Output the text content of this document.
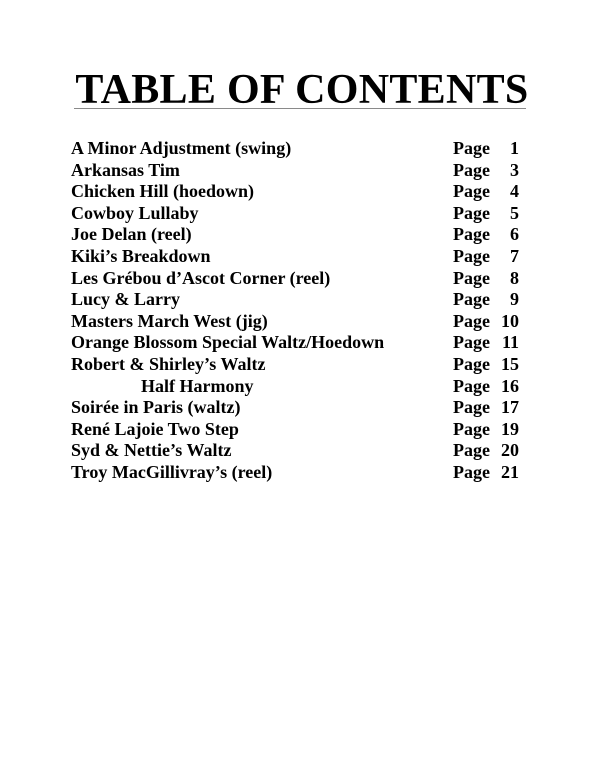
TABLE OF CONTENTS
A Minor Adjustment (swing)	Page	1
Arkansas Tim	Page	3
Chicken Hill (hoedown)	Page	4
Cowboy Lullaby	Page	5
Joe Delan (reel)	Page	6
Kiki’s Breakdown	Page	7
Les Grébou d’Ascot Corner (reel)	Page	8
Lucy & Larry	Page	9
Masters March West (jig)	Page 10
Orange Blossom Special Waltz/Hoedown	Page 11
Robert & Shirley’s Waltz	Page 15
Half Harmony	Page 16
Soirée in Paris (waltz)	Page 17
René Lajoie Two Step	Page 19
Syd & Nettie’s Waltz	Page 20
Troy MacGillivray’s (reel)	Page 21
